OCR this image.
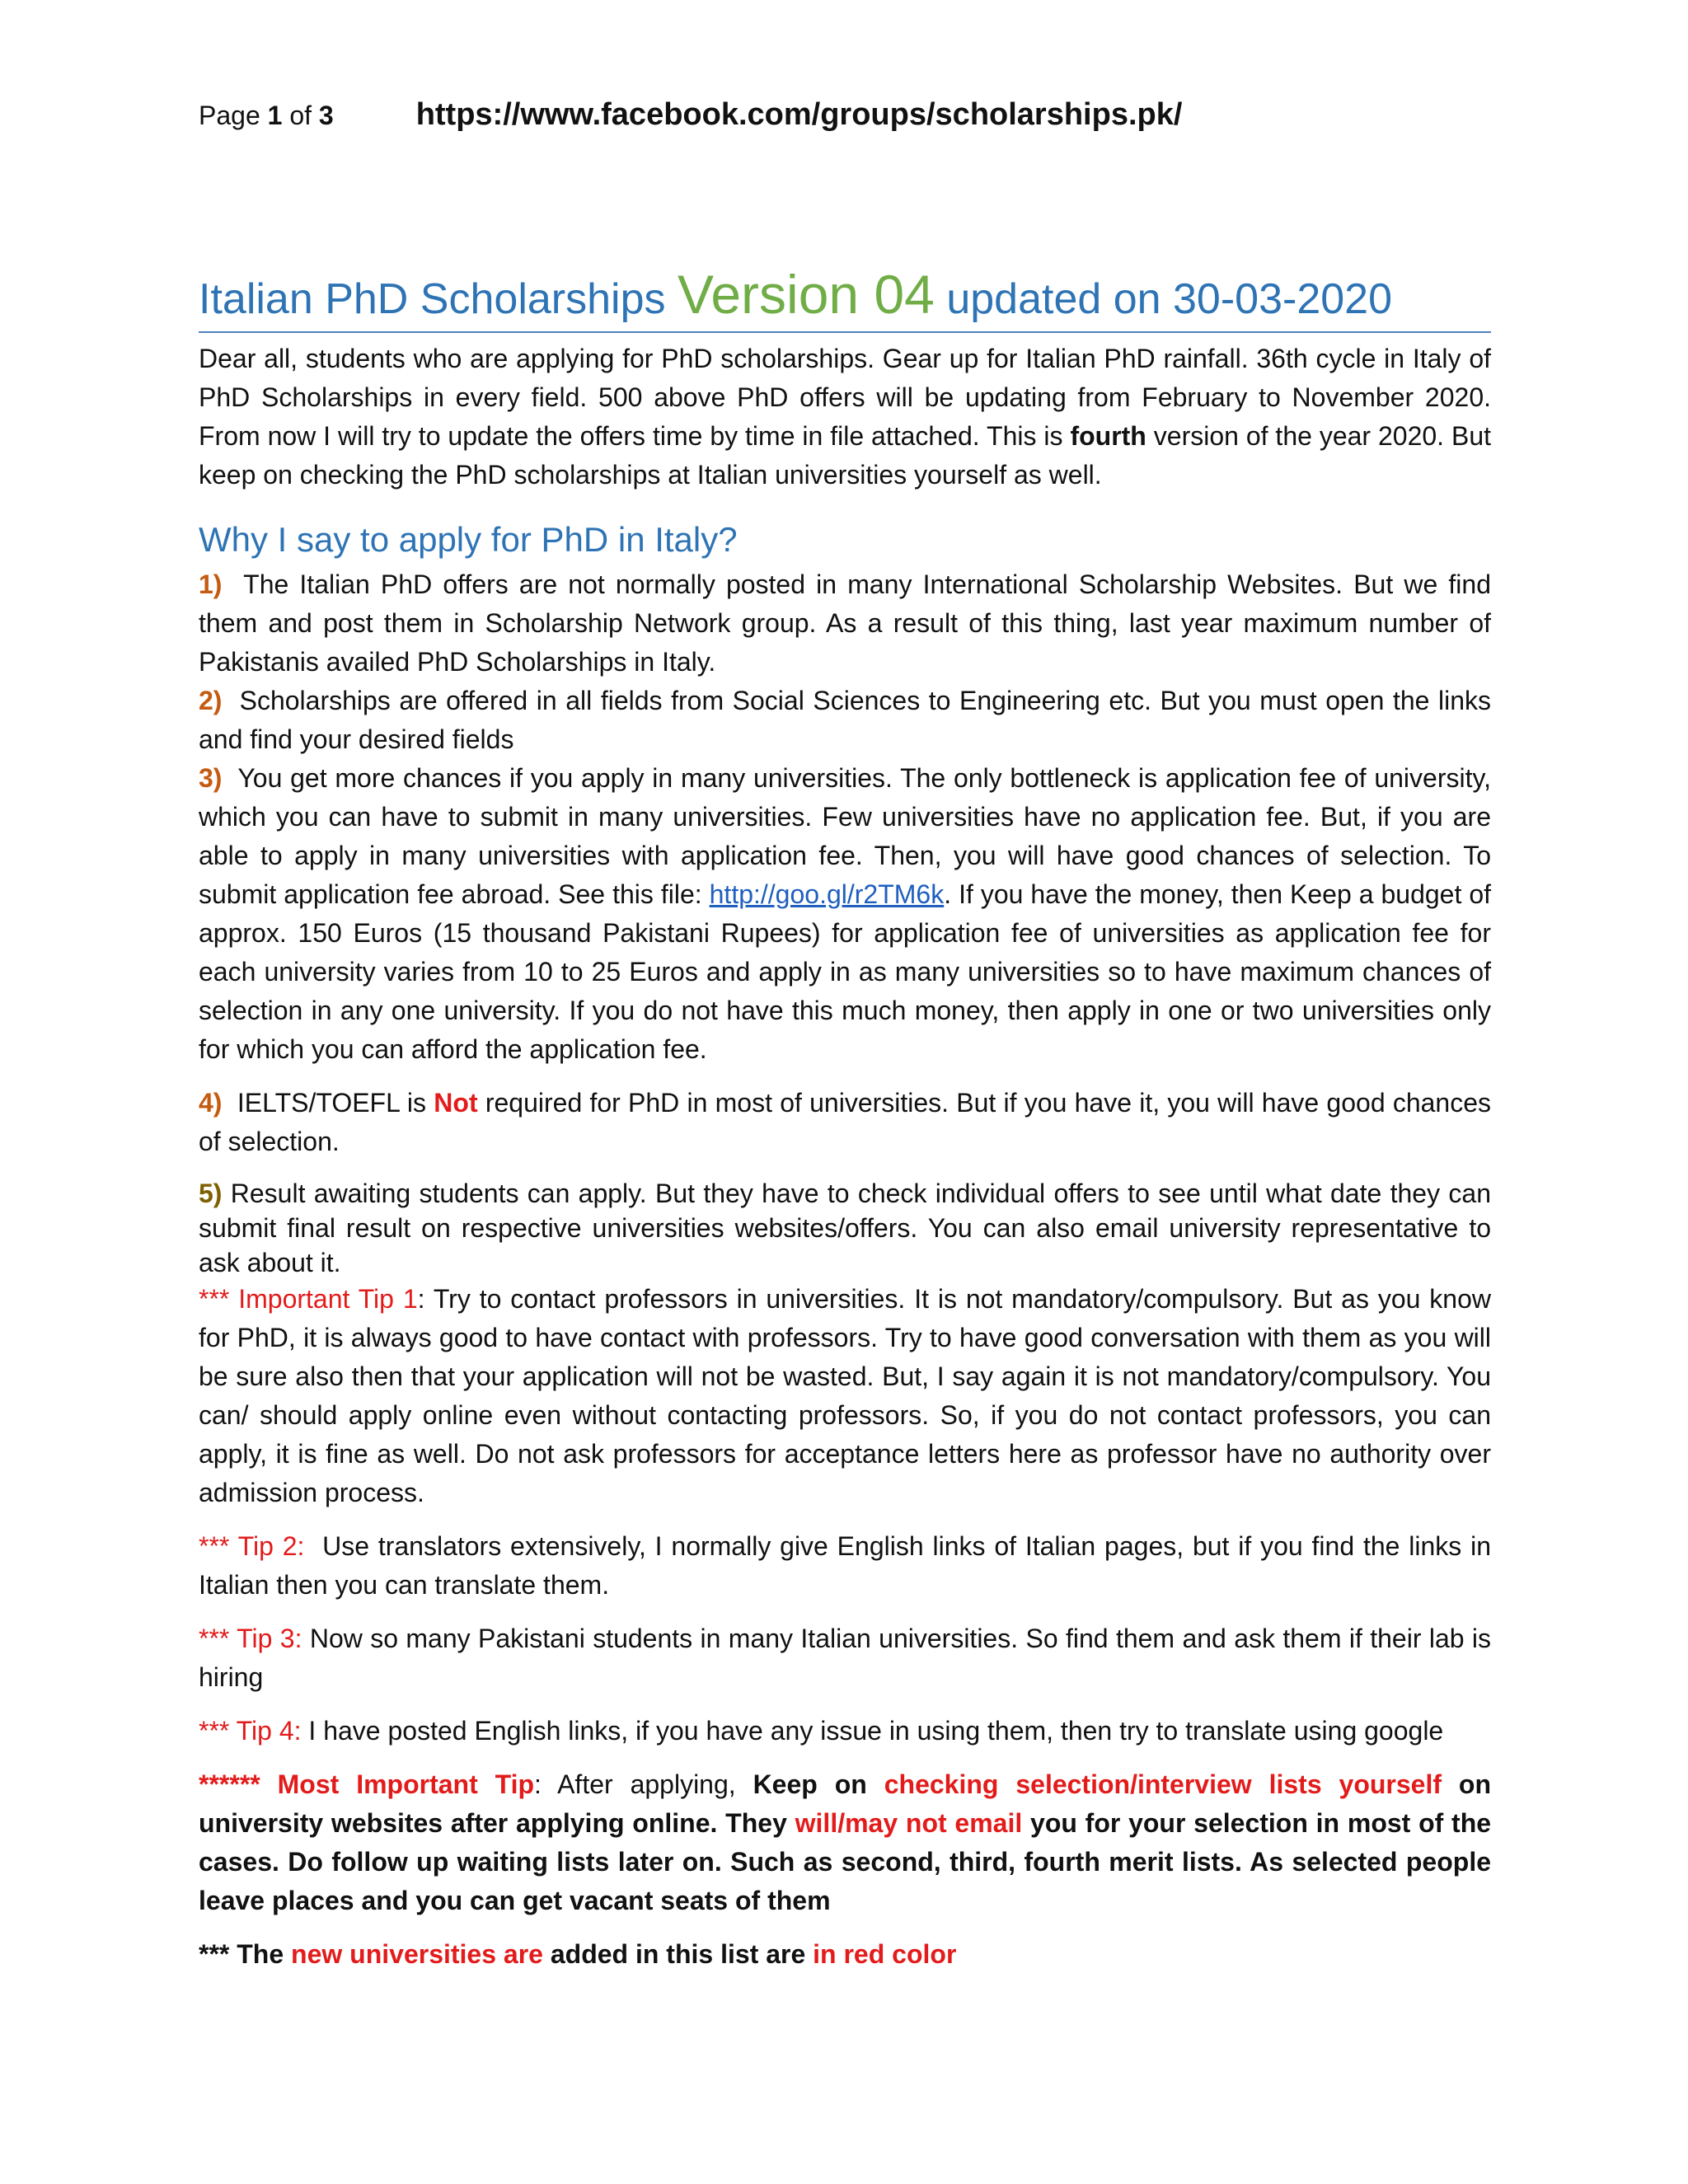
Page 1 of 3	https://www.facebook.com/groups/scholarships.pk/
Italian PhD Scholarships Version 04 updated on 30-03-2020

Dear all, students who are applying for PhD scholarships. Gear up for Italian PhD rainfall. 36th cycle in Italy of PhD Scholarships in every field. 500 above PhD offers will be updating from February to November 2020. From now I will try to update the offers time by time in file attached. This is fourth version of the year 2020. But keep on checking the PhD scholarships at Italian universities yourself as well.

Why I say to apply for PhD in Italy?

1) The Italian PhD offers are not normally posted in many International Scholarship Websites. But we find them and post them in Scholarship Network group. As a result of this thing, last year maximum number of Pakistanis availed PhD Scholarships in Italy.

2) Scholarships are offered in all fields from Social Sciences to Engineering etc. But you must open the links and find your desired fields

3) You get more chances if you apply in many universities. The only bottleneck is application fee of university, which you can have to submit in many universities. Few universities have no application fee. But, if you are able to apply in many universities with application fee. Then, you will have good chances of selection. To submit application fee abroad. See this file: http://goo.gl/r2TM6k. If you have the money, then Keep a budget of approx. 150 Euros (15 thousand Pakistani Rupees) for application fee of universities as application fee for each university varies from 10 to 25 Euros and apply in as many universities so to have maximum chances of selection in any one university. If you do not have this much money, then apply in one or two universities only for which you can afford the application fee.

4) IELTS/TOEFL is Not required for PhD in most of universities. But if you have it, you will have good chances of selection.

5) Result awaiting students can apply. But they have to check individual offers to see until what date they can submit final result on respective universities websites/offers. You can also email university representative to ask about it.

*** Important Tip 1: Try to contact professors in universities. It is not mandatory/compulsory. But as you know for PhD, it is always good to have contact with professors. Try to have good conversation with them as you will be sure also then that your application will not be wasted. But, I say again it is not mandatory/compulsory. You can/ should apply online even without contacting professors. So, if you do not contact professors, you can apply, it is fine as well. Do not ask professors for acceptance letters here as professor have no authority over admission process.

*** Tip 2: Use translators extensively, I normally give English links of Italian pages, but if you find the links in Italian then you can translate them.

*** Tip 3: Now so many Pakistani students in many Italian universities. So find them and ask them if their lab is hiring

*** Tip 4: I have posted English links, if you have any issue in using them, then try to translate using google

****** Most Important Tip: After applying, Keep on checking selection/interview lists yourself on university websites after applying online. They will/may not email you for your selection in most of the cases. Do follow up waiting lists later on. Such as second, third, fourth merit lists. As selected people leave places and you can get vacant seats of them

*** The new universities are added in this list are in red color
